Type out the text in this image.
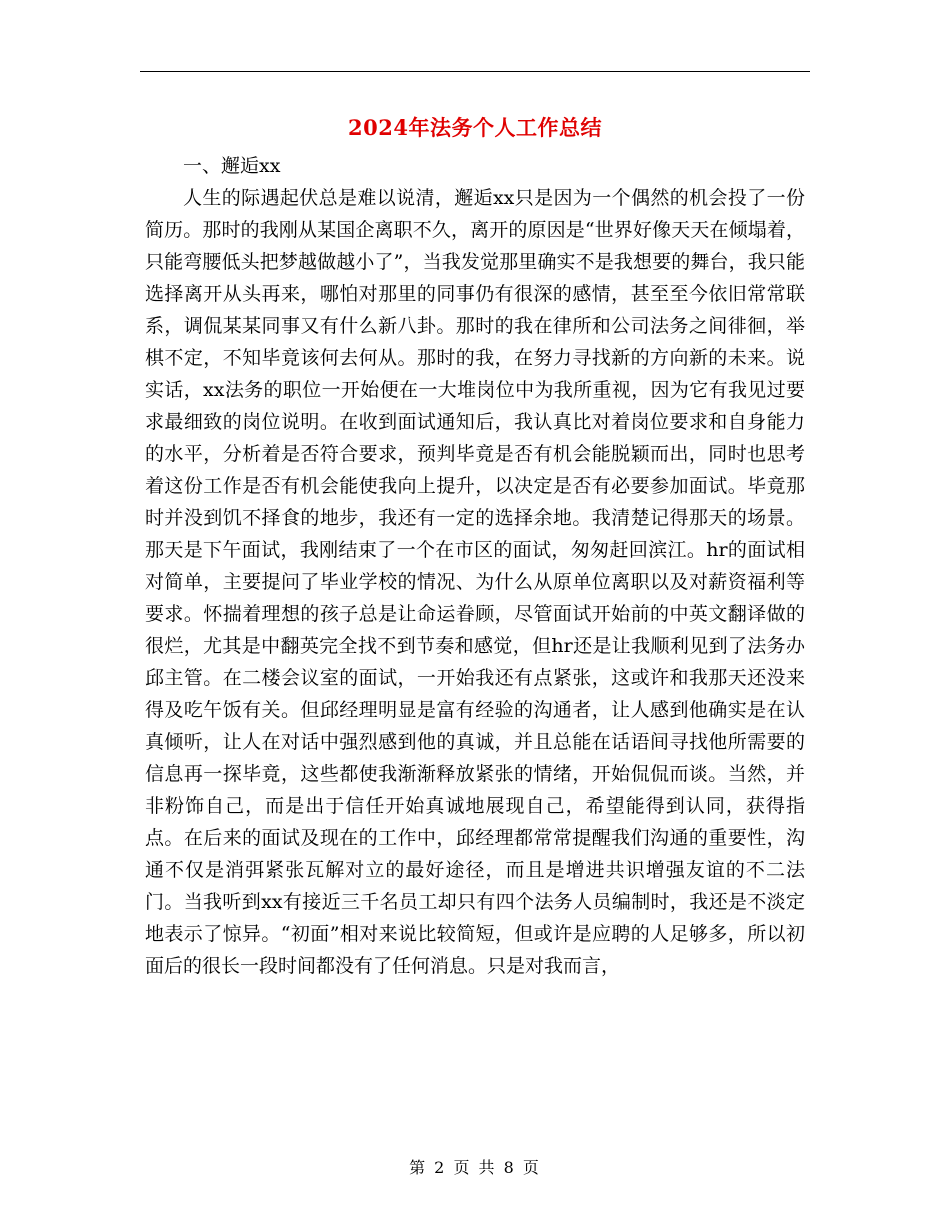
2024年法务个人工作总结

一、邂逅xx

人生的际遇起伏总是难以说清，邂逅xx只是因为一个偶然的机会投了一份简历。那时的我刚从某国企离职不久，离开的原因是“世界好像天天在倾塌着，只能弯腰低头把梦越做越小了”，当我发觉那里确实不是我想要的舞台，我只能选择离开从头再来，哪怕对那里的同事仍有很深的感情，甚至至今依旧常常联系，调侃某某同事又有什么新八卦。那时的我在律所和公司法务之间徘徊，举棋不定，不知毕竟该何去何从。那时的我，在努力寻找新的方向新的未来。说实话，xx法务的职位一开始便在一大堆岗位中为我所重视，因为它有我见过要求最细致的岗位说明。在收到面试通知后，我认真比对着岗位要求和自身能力的水平，分析着是否符合要求，预判毕竟是否有机会能脱颖而出，同时也思考着这份工作是否有机会能使我向上提升，以决定是否有必要参加面试。毕竟那时并没到饥不择食的地步，我还有一定的选择余地。我清楚记得那天的场景。那天是下午面试，我刚结束了一个在市区的面试，匆匆赶回滨江。hr的面试相对简单，主要提问了毕业学校的情况、为什么从原单位离职以及对薪资福利等要求。怀揣着理想的孩子总是让命运眷顾，尽管面试开始前的中英文翻译做的很烂，尤其是中翻英完全找不到节奏和感觉，但hr还是让我顺利见到了法务办邱主管。在二楼会议室的面试，一开始我还有点紧张，这或许和我那天还没来得及吃午饭有关。但邱经理明显是富有经验的沟通者，让人感到他确实是在认真倾听，让人在对话中强烈感到他的真诚，并且总能在话语间寻找他所需要的信息再一探毕竟，这些都使我渐渐释放紧张的情绪，开始侃侃而谈。当然，并非粉饰自己，而是出于信任开始真诚地展现自己，希望能得到认同，获得指点。在后来的面试及现在的工作中，邱经理都常常提醒我们沟通的重要性，沟通不仅是消弭紧张瓦解对立的最好途径，而且是增进共识增强友谊的不二法门。当我听到xx有接近三千名员工却只有四个法务人员编制时，我还是不淡定地表示了惊异。“初面”相对来说比较简短，但或许是应聘的人足够多，所以初面后的很长一段时间都没有了任何消息。只是对我而言，

第 2 页 共 8 页
